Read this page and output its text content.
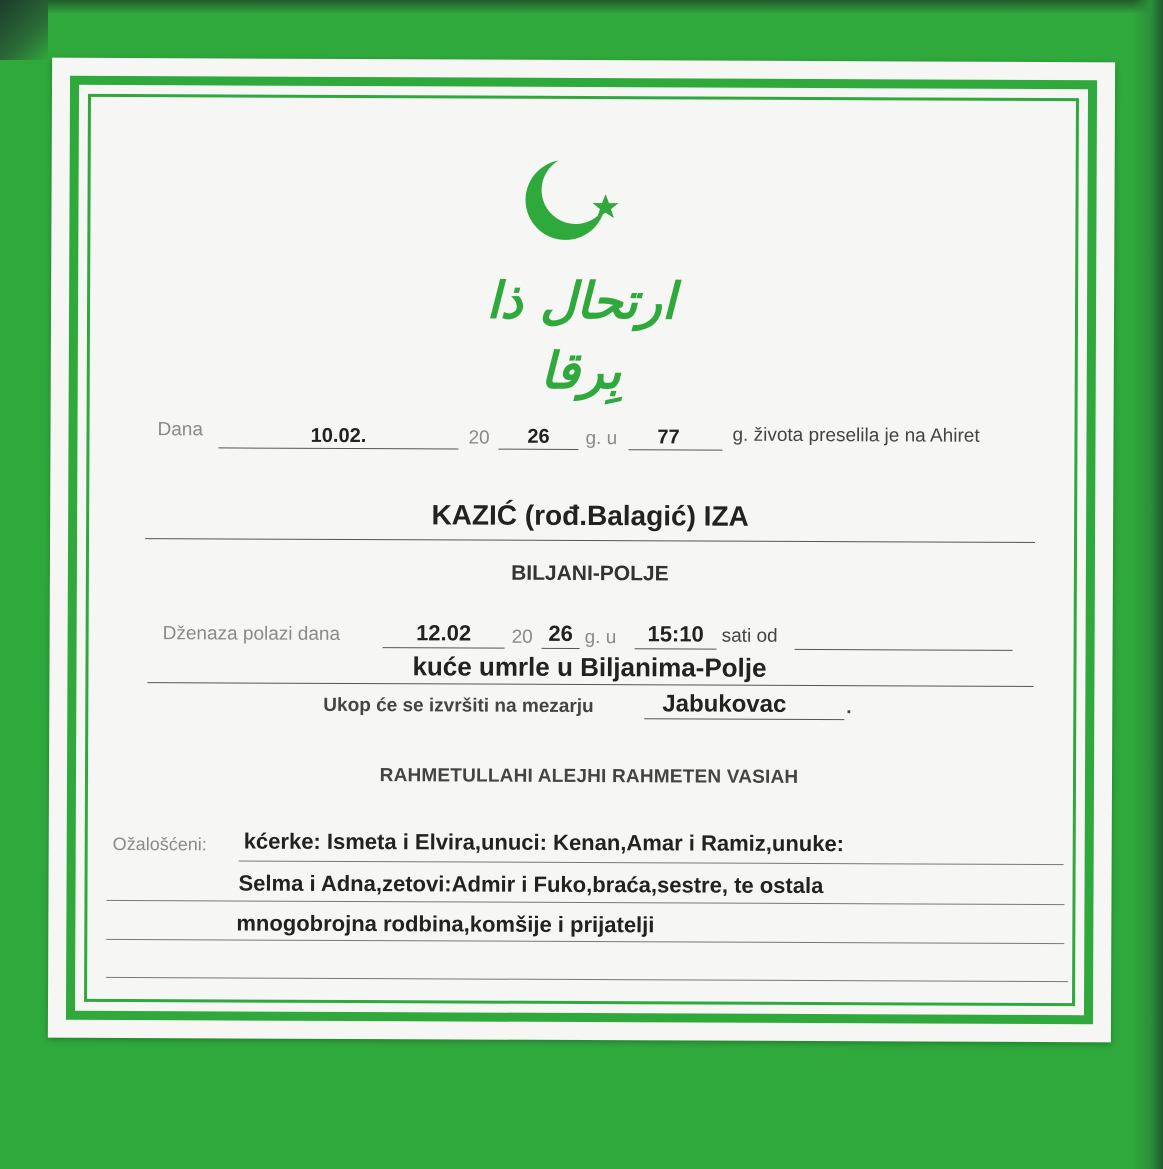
ارتحال ذا بِرقا
Dana	10.02.	20	26	g. u	77	g. života preselila je na Ahiret
KAZIĆ (rođ.Balagić) IZA
BILJANI-POLJE
Dženaza polazi dana	12.02	20 26 g. u	15:10 sati od
kuće umrle u Biljanima-Polje
Ukop će se izvršiti na mezarju	Jabukovac	.
RAHMETULLAHI ALEJHI RAHMETEN VASIAH
Ožalošćeni: kćerke: Ismeta i Elvira,unuci: Kenan,Amar i Ramiz,unuke:
Selma i Adna,zetovi:Admir i Fuko,braća,sestre, te ostala
mnogobrojna rodbina,komšije i prijatelji
